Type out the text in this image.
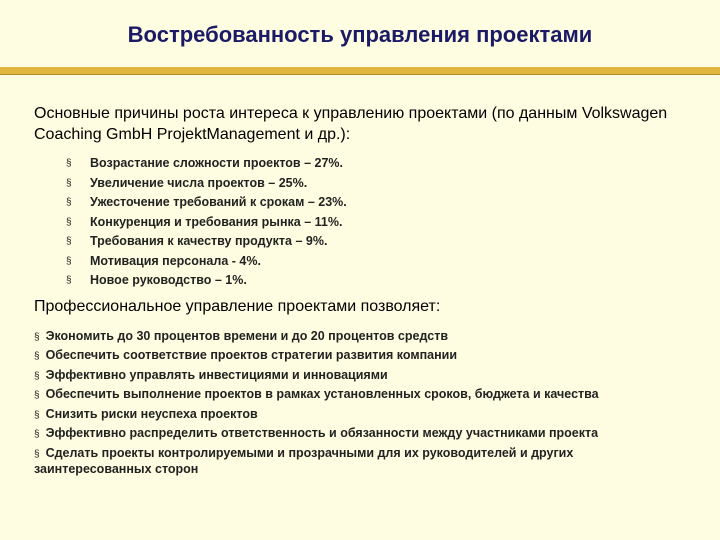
Востребованность управления проектами

Основные причины роста интереса к управлению проектами (по данным Volkswagen Coaching GmbH ProjektManagement и др.):

§ Возрастание сложности проектов – 27%.
§ Увеличение числа проектов – 25%.
§ Ужесточение требований к срокам – 23%.
§ Конкуренция и требования рынка – 11%.
§ Требования к качеству продукта – 9%.
§ Мотивация персонала - 4%.
§ Новое руководство – 1%.

Профессиональное управление проектами позволяет:

§ Экономить до 30 процентов времени и до 20 процентов средств
§ Обеспечить соответствие проектов стратегии развития компании
§ Эффективно управлять инвестициями и инновациями
§ Обеспечить выполнение проектов в рамках установленных сроков, бюджета и качества
§ Снизить риски неуспеха проектов
§ Эффективно распределить ответственность и обязанности между участниками проекта
§ Сделать проекты контролируемыми и прозрачными для их руководителей и других заинтересованных сторон
